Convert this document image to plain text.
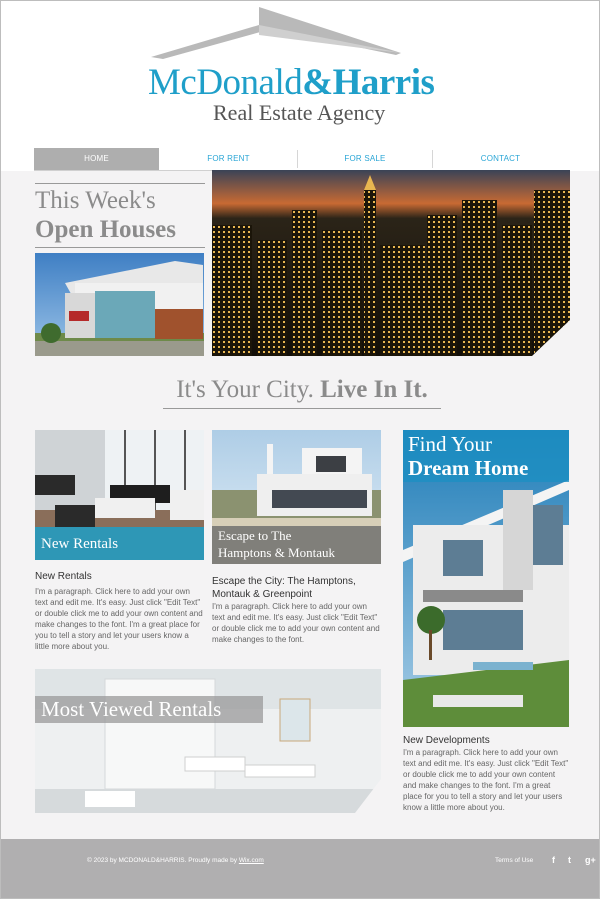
McDonald&Harris
Real Estate Agency
HOME	FOR RENT	FOR SALE	CONTACT
This Week's
Open Houses
It's Your City. Live In It.
New Rentals
New Rentals
I'm a paragraph. Click here to add your own text and edit me. It's easy. Just click "Edit Text" or double click me to add your own content and make changes to the font. I'm a great place for you to tell a story and let your users know a little more about you.
Escape to The
Hamptons & Montauk
Escape the City: The Hamptons,
Montauk & Greenpoint
I'm a paragraph. Click here to add your own text and edit me. It's easy. Just click "Edit Text" or double click me to add your own content and make changes to the font.
Find Your
Dream Home
New Developments
I'm a paragraph. Click here to add your own text and edit me. It's easy. Just click "Edit Text" or double click me to add your own content and make changes to the font. I'm a great place for you to tell a story and let your users know a little more about you.
Most Viewed Rentals
© 2023 by MCDONALD&HARRIS. Proudly made by Wix.com	Terms of Use f t g+
